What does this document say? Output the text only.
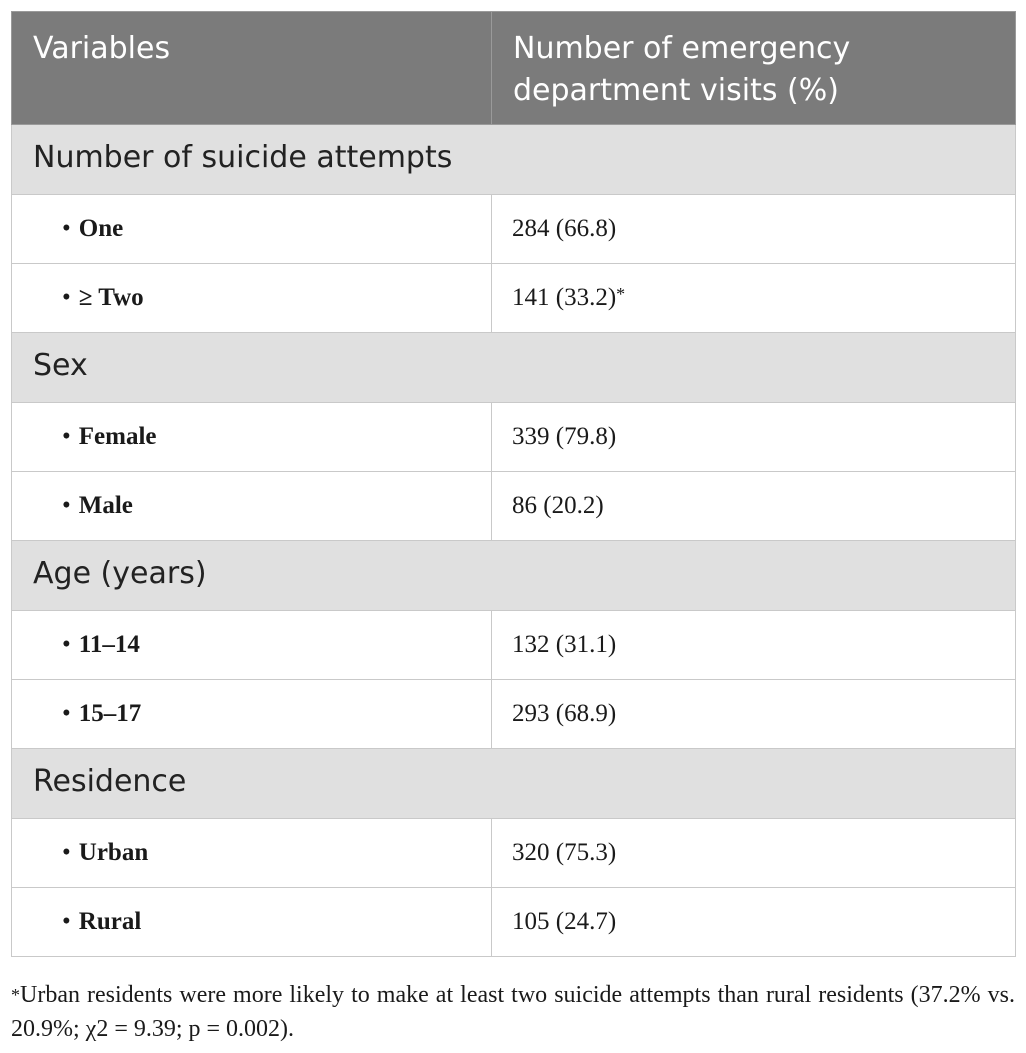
Variables	Number of emergency
department visits (%)
Number of suicide attempts	
• One	284 (66.8)
• ≥ Two	141 (33.2)*
Sex	
• Female	339 (79.8)
• Male	86 (20.2)
Age (years)	
• 11–14	132 (31.1)
• 15–17	293 (68.9)
Residence	
• Urban	320 (75.3)
• Rural	105 (24.7)
*Urban residents were more likely to make at least two suicide attempts than rural residents (37.2% vs. 20.9%; χ2 = 9.39; p = 0.002).
